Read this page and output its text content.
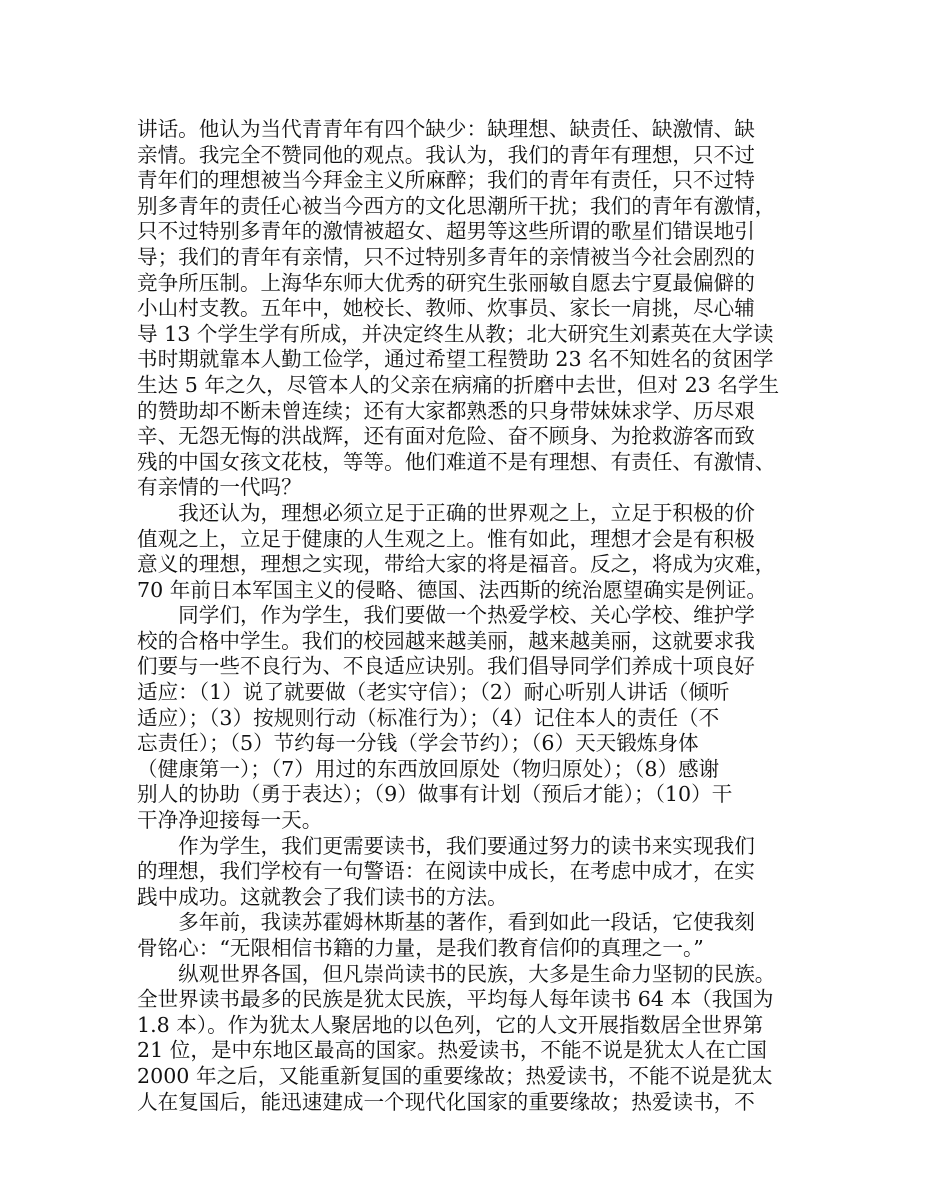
讲话。他认为当代青青年有四个缺少：缺理想、缺责任、缺激情、缺
亲情。我完全不赞同他的观点。我认为，我们的青年有理想，只不过
青年们的理想被当今拜金主义所麻醉；我们的青年有责任，只不过特
别多青年的责任心被当今西方的文化思潮所干扰；我们的青年有激情，
只不过特别多青年的激情被超女、超男等这些所谓的歌星们错误地引
导；我们的青年有亲情，只不过特别多青年的亲情被当今社会剧烈的
竞争所压制。上海华东师大优秀的研究生张丽敏自愿去宁夏最偏僻的
小山村支教。五年中，她校长、教师、炊事员、家长一肩挑，尽心辅
导 13 个学生学有所成，并决定终生从教；北大研究生刘素英在大学读
书时期就靠本人勤工俭学，通过希望工程赞助 23 名不知姓名的贫困学
生达 5 年之久，尽管本人的父亲在病痛的折磨中去世，但对 23 名学生
的赞助却不断未曾连续；还有大家都熟悉的只身带妹妹求学、历尽艰
辛、无怨无悔的洪战辉，还有面对危险、奋不顾身、为抢救游客而致
残的中国女孩文花枝，等等。他们难道不是有理想、有责任、有激情、
有亲情的一代吗？
　　我还认为，理想必须立足于正确的世界观之上，立足于积极的价
值观之上，立足于健康的人生观之上。惟有如此，理想才会是有积极
意义的理想，理想之实现，带给大家的将是福音。反之，将成为灾难，
70 年前日本军国主义的侵略、德国、法西斯的统治愿望确实是例证。
　　同学们，作为学生，我们要做一个热爱学校、关心学校、维护学
校的合格中学生。我们的校园越来越美丽，越来越美丽，这就要求我
们要与一些不良行为、不良适应诀别。我们倡导同学们养成十项良好
适应：（1）说了就要做（老实守信）；（2）耐心听别人讲话（倾听
适应）；（3）按规则行动（标准行为）；（4）记住本人的责任（不
忘责任）；（5）节约每一分钱（学会节约）；（6）天天锻炼身体
（健康第一）；（7）用过的东西放回原处（物归原处）；（8）感谢
别人的协助（勇于表达）；（9）做事有计划（预后才能）；（10）干
干净净迎接每一天。
　　作为学生，我们更需要读书，我们要通过努力的读书来实现我们
的理想，我们学校有一句警语：在阅读中成长，在考虑中成才，在实
践中成功。这就教会了我们读书的方法。
　　多年前，我读苏霍姆林斯基的著作，看到如此一段话，它使我刻
骨铭心：“无限相信书籍的力量，是我们教育信仰的真理之一。”
　　纵观世界各国，但凡崇尚读书的民族，大多是生命力坚韧的民族。
全世界读书最多的民族是犹太民族，平均每人每年读书 64 本（我国为
1.8 本）。作为犹太人聚居地的以色列，它的人文开展指数居全世界第
21 位，是中东地区最高的国家。热爱读书，不能不说是犹太人在亡国
2000 年之后，又能重新复国的重要缘故；热爱读书，不能不说是犹太
人在复国后，能迅速建成一个现代化国家的重要缘故；热爱读书，不
